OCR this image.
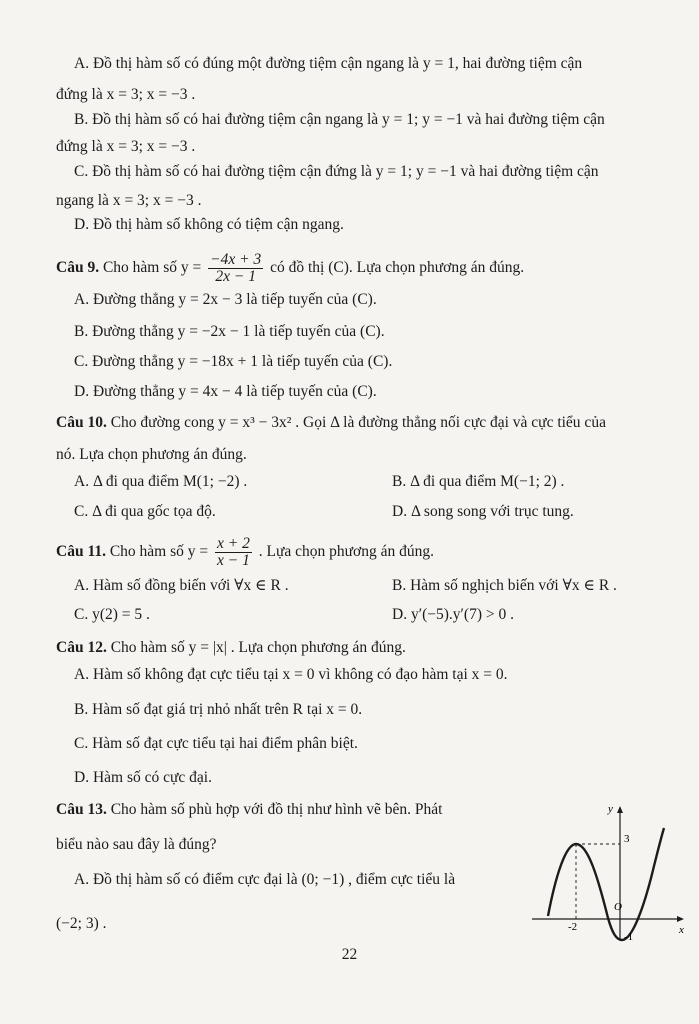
A. Đồ thị hàm số có đúng một đường tiệm cận ngang là y = 1, hai đường tiệm cận
đứng là x = 3; x = −3 .
B. Đồ thị hàm số có hai đường tiệm cận ngang là y = 1; y = −1 và hai đường tiệm cận
đứng là x = 3; x = −3 .
C. Đồ thị hàm số có hai đường tiệm cận đứng là y = 1; y = −1 và hai đường tiệm cận
ngang là x = 3; x = −3 .
D. Đồ thị hàm số không có tiệm cận ngang.
Câu 9. Cho hàm số $y = \frac{-4x + 3}{2x - 1}$ có đồ thị (C). Lựa chọn phương án đúng.
A. Đường thẳng y = 2x − 3 là tiếp tuyến của (C).
B. Đường thẳng y = −2x − 1 là tiếp tuyến của (C).
C. Đường thẳng y = −18x + 1 là tiếp tuyến của (C).
D. Đường thẳng y = 4x − 4 là tiếp tuyến của (C).
Câu 10. Cho đường cong y = x³ − 3x² . Gọi Δ là đường thẳng nối cực đại và cực tiểu của
nó. Lựa chọn phương án đúng.
A. Δ đi qua điểm M(1; −2) .	B. Δ đi qua điểm M(−1; 2) .
C. Δ đi qua gốc tọa độ.	D. Δ song song với trục tung.
Câu 11. Cho hàm số $y = \frac{x + 2}{x - 1}$ . Lựa chọn phương án đúng.
A. Hàm số đồng biến với ∀x ∈ R .	B. Hàm số nghịch biến với ∀x ∈ R .
C. y(2) = 5 .	D. y′(−5).y′(7) > 0 .
Câu 12. Cho hàm số y = |x| . Lựa chọn phương án đúng.
A. Hàm số không đạt cực tiểu tại x = 0 vì không có đạo hàm tại x = 0.
B. Hàm số đạt giá trị nhỏ nhất trên R tại x = 0.
C. Hàm số đạt cực tiểu tại hai điểm phân biệt.
D. Hàm số có cực đại.
Câu 13. Cho hàm số phù hợp với đồ thị như hình vẽ bên. Phát
biểu nào sau đây là đúng?
A. Đồ thị hàm số có điểm cực đại là (0; −1) , điểm cực tiểu là
(−2; 3) .
y
x
3
-2
O
-1
22
